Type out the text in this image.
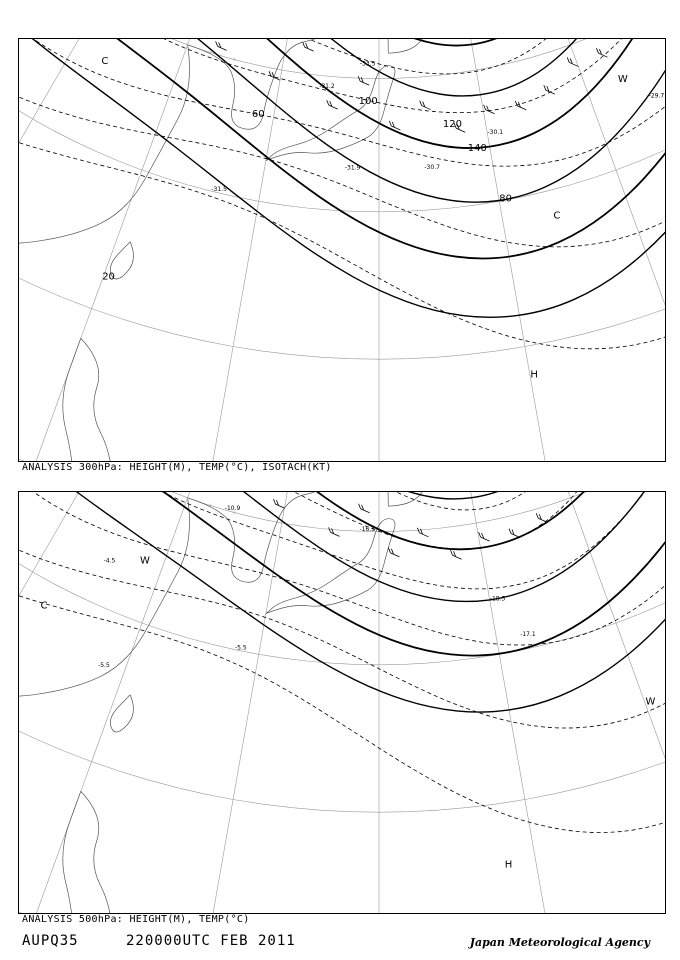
140
120
100
60
80
20
-31.5
-31.9	-30.7
-30.1
-29.7
-33.5
-31.2
W
C
C
H
ANALYSIS 300hPa: HEIGHT(M), TEMP(°C), ISOTACH(KT)
-18.5
-17.1
-5.5
-5.5
-10.9
-4.5
-16.5
W
C
W
H
ANALYSIS 500hPa: HEIGHT(M), TEMP(°C)
AUPQ35	220000UTC FEB 2011	Japan Meteorological Agency
